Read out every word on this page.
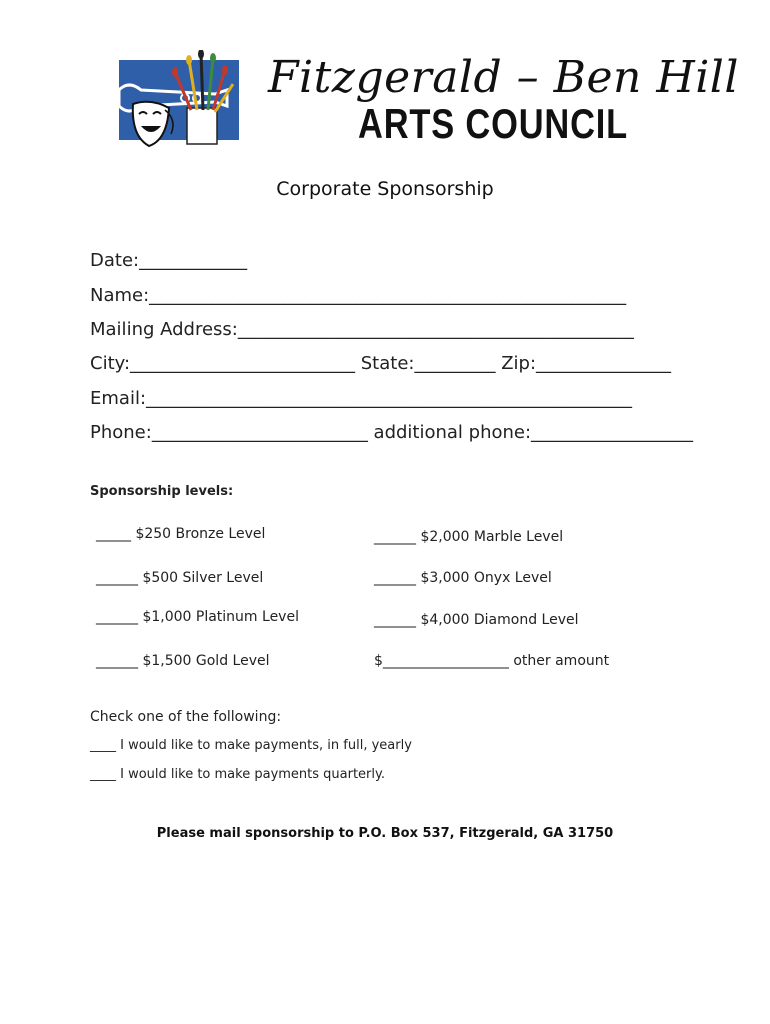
Fitzgerald – Ben Hill
ARTS COUNCIL
Corporate Sponsorship
Date:____________
Name:_____________________________________________________
Mailing Address:____________________________________________
City:_________________________ State:_________ Zip:_______________
Email:______________________________________________________
Phone:________________________ additional phone:__________________
Sponsorship levels:
_____ $250 Bronze Level
______ $500 Silver Level
______ $1,000 Platinum Level
______ $1,500 Gold Level
______ $2,000 Marble Level
______ $3,000 Onyx Level
______ $4,000 Diamond Level
$__________________ other amount
Check one of the following:
____ I would like to make payments, in full, yearly
____ I would like to make payments quarterly.
Please mail sponsorship to P.O. Box 537, Fitzgerald, GA 31750
